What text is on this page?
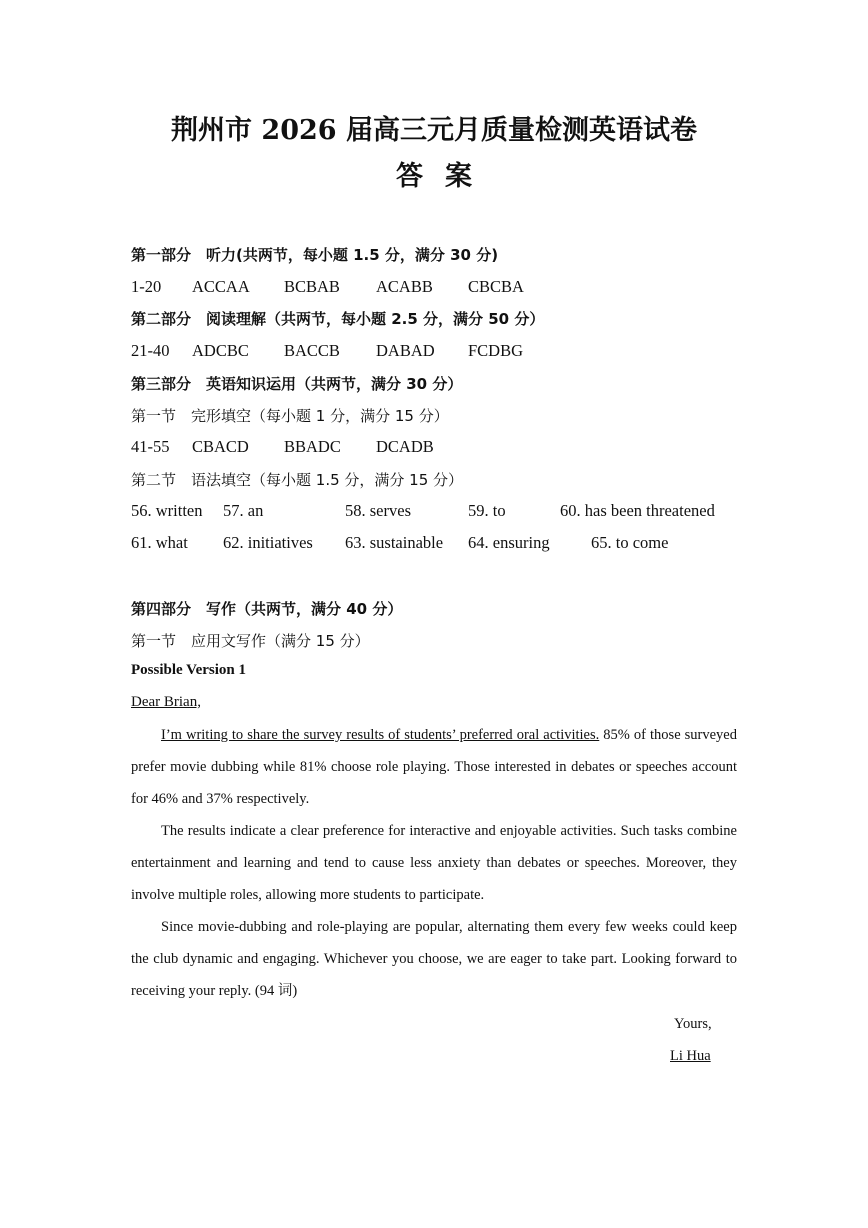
荆州市 2026 届高三元月质量检测英语试卷
答案
第一部分　听力(共两节，每小题 1.5 分，满分 30 分)
1-20 ACCAA BCBAB ACABB CBCBA
第二部分　阅读理解（共两节，每小题 2.5 分，满分 50 分）
21-40 ADCBC BACCB DABAD FCDBG
第三部分　英语知识运用（共两节，满分 30 分）
第一节　完形填空（每小题 1 分，满分 15 分）
41-55 CBACD BBADC DCADB
第二节　语法填空（每小题 1.5 分，满分 15 分）
56. written 57. an	58. serves	59. to	60. has been threatened
61. what 62. initiatives 63. sustainable 64. ensuring	65. to come
第四部分　写作（共两节，满分 40 分）
第一节　应用文写作（满分 15 分）
Possible Version 1
Dear Brian,
I’m writing to share the survey results of students’ preferred oral activities. 85% of those surveyed prefer movie dubbing while 81% choose role playing. Those interested in debates or speeches account for 46% and 37% respectively.
The results indicate a clear preference for interactive and enjoyable activities. Such tasks combine entertainment and learning and tend to cause less anxiety than debates or speeches. Moreover, they involve multiple roles, allowing more students to participate.
Since movie-dubbing and role-playing are popular, alternating them every few weeks could keep the club dynamic and engaging. Whichever you choose, we are eager to take part. Looking forward to receiving your reply. (94 词)
Yours,
Li Hua
